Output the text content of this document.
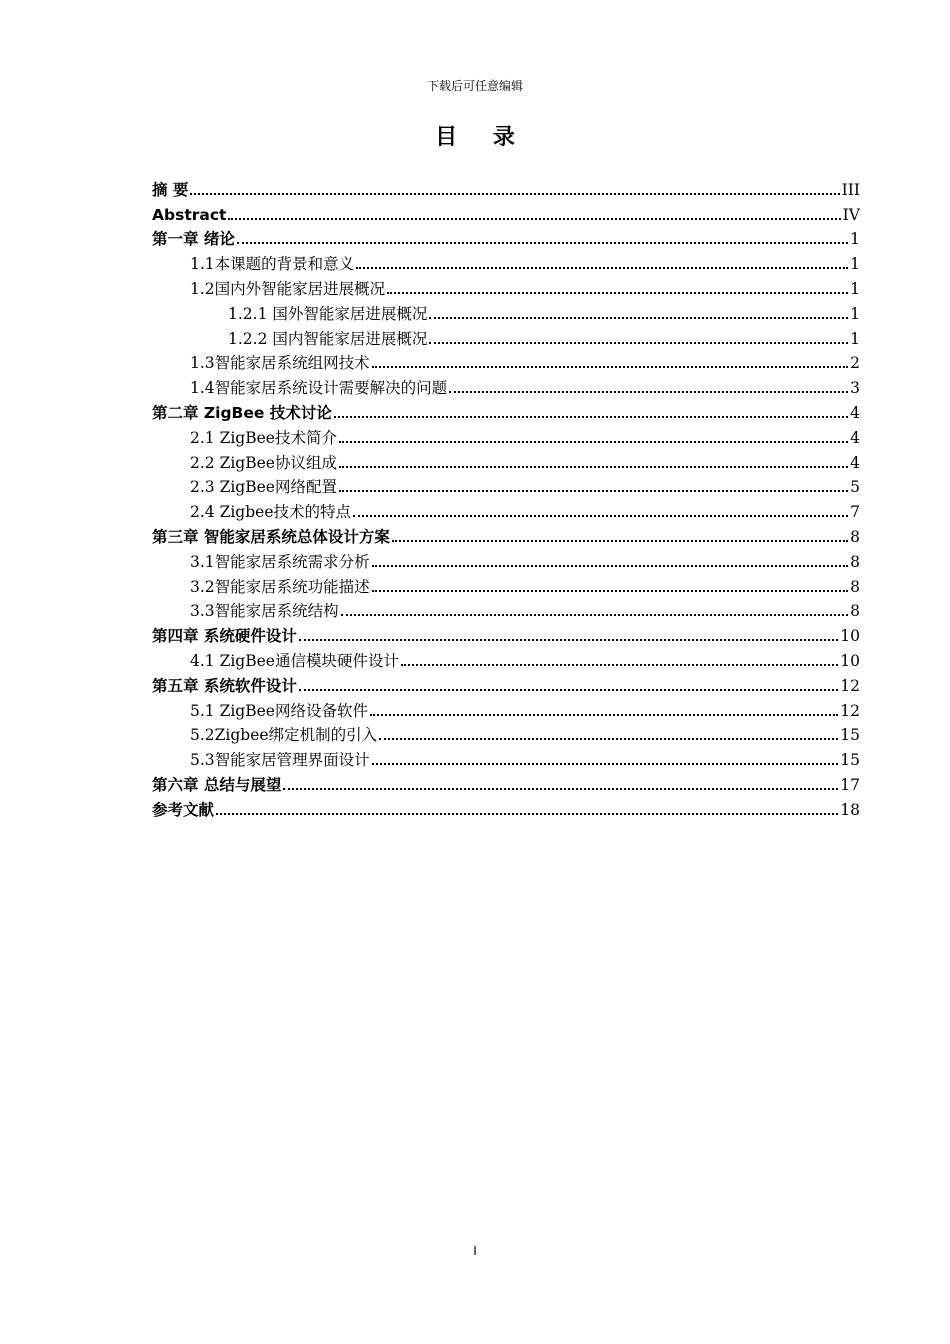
下载后可任意编辑
目 录
摘 要	III
Abstract	IV
第一章 绪论	1
1.1本课题的背景和意义	1
1.2国内外智能家居进展概况	1
1.2.1 国外智能家居进展概况	1
1.2.2 国内智能家居进展概况	1
1.3智能家居系统组网技术	2
1.4智能家居系统设计需要解决的问题	3
第二章 ZigBee 技术讨论	4
2.1 ZigBee技术简介	4
2.2 ZigBee协议组成	4
2.3 ZigBee网络配置	5
2.4 Zigbee技术的特点	7
第三章 智能家居系统总体设计方案	8
3.1智能家居系统需求分析	8
3.2智能家居系统功能描述	8
3.3智能家居系统结构	8
第四章 系统硬件设计	10
4.1 ZigBee通信模块硬件设计	10
第五章 系统软件设计	12
5.1 ZigBee网络设备软件	12
5.2Zigbee绑定机制的引入	15
5.3智能家居管理界面设计	15
第六章 总结与展望	17
参考文献	18
I
